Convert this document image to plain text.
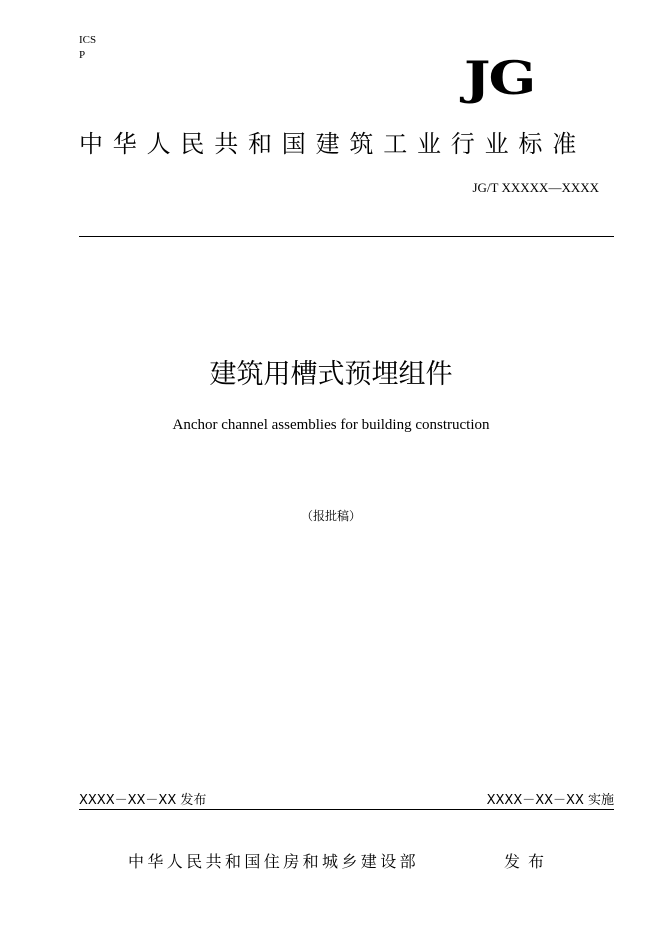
ICS
P	JG
中华人民共和国建筑工业行业标准
JG/T XXXXX—XXXX
建筑用槽式预埋组件
Anchor channel assemblies for building construction
（报批稿）
XXXX－XX－XX 发布	XXXX－XX－XX 实施
中华人民共和国住房和城乡建设部	发布
